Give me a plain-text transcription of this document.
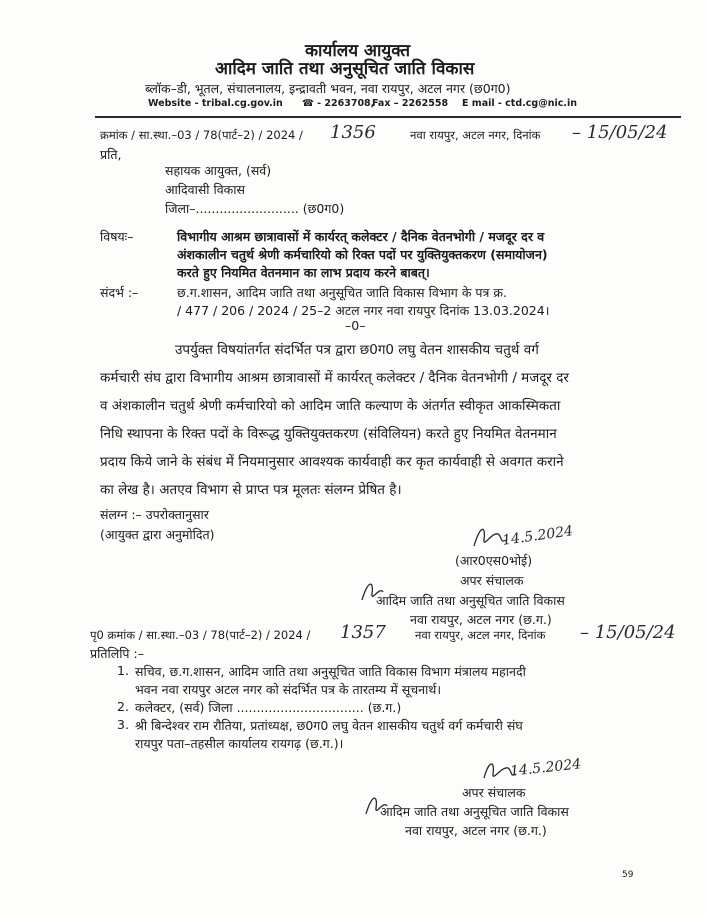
कार्यालय आयुक्त
आदिम जाति तथा अनुसूचित जाति विकास
ब्लॉक–डी, भूतल, संचालनालय, इन्द्रावती भवन, नवा रायपुर, अटल नगर (छ0ग0)
Website - tribal.cg.gov.in ☎ - 2263708,
Fax – 2262558 E mail - ctd.cg@nic.in
क्रमांक / सा.स्था.–03 / 78(पार्ट–2) / 2024 / 1356	नवा रायपुर, अटल नगर, दिनांक – 15/05/24
प्रति,
सहायक आयुक्त, (सर्व)
आदिवासी विकास
जिला–.......................... (छ0ग0)
विषयः–	विभागीय आश्रम छात्रावासों में कार्यरत् कलेक्टर / दैनिक वेतनभोगी / मजदूर दर व
अंशकालीन चतुर्थ श्रेणी कर्मचारियो को रिक्त पदों पर युक्तियुक्तकरण (समायोजन)
करते हुए नियमित वेतनमान का लाभ प्रदाय करने बाबत्।
संदर्भ :–	छ.ग.शासन, आदिम जाति तथा अनुसूचित जाति विकास विभाग के पत्र क्र.
/ 477 / 206 / 2024 / 25–2 अटल नगर नवा रायपुर दिनांक 13.03.2024।
–0–
उपर्युक्त विषयांतर्गत संदर्भित पत्र द्वारा छ0ग0 लघु वेतन शासकीय चतुर्थ वर्ग
कर्मचारी संघ द्वारा विभागीय आश्रम छात्रावासों में कार्यरत् कलेक्टर / दैनिक वेतनभोगी / मजदूर दर
व अंशकालीन चतुर्थ श्रेणी कर्मचारियो को आदिम जाति कल्याण के अंतर्गत स्वीकृत आकस्मिकता
निधि स्थापना के रिक्त पदों के विरूद्ध युक्तियुक्तकरण (संविलियन) करते हुए नियमित वेतनमान
प्रदाय किये जाने के संबंध में नियमानुसार आवश्यक कार्यवाही कर कृत कार्यवाही से अवगत कराने
का लेख है। अतएव विभाग से प्राप्त पत्र मूलतः संलग्न प्रेषित है।
संलग्न :– उपरोक्तानुसार
(आयुक्त द्वारा अनुमोदित)	14.5.2024
(आर0एस0भोई)
अपर संचालक
आदिम जाति तथा अनुसूचित जाति विकास
नवा रायपुर, अटल नगर (छ.ग.)
पृ0 क्रमांक / सा.स्था.–03 / 78(पार्ट–2) / 2024 / 1357	नवा रायपुर, अटल नगर, दिनांक – 15/05/24
प्रतिलिपि :–
1. सचिव, छ.ग.शासन, आदिम जाति तथा अनुसूचित जाति विकास विभाग मंत्रालय महानदी
भवन नवा रायपुर अटल नगर को संदर्भित पत्र के तारतम्य में सूचनार्थ।
2. कलेक्टर, (सर्व) जिला ................................ (छ.ग.)
3. श्री बिन्देश्वर राम रौतिया, प्रतांध्यक्ष, छ0ग0 लघु वेतन शासकीय चतुर्थ वर्ग कर्मचारी संघ
रायपुर पता–तहसील कार्यालय रायगढ़ (छ.ग.)।
14.5.2024
अपर संचालक
आदिम जाति तथा अनुसूचित जाति विकास
नवा रायपुर, अटल नगर (छ.ग.)
59
